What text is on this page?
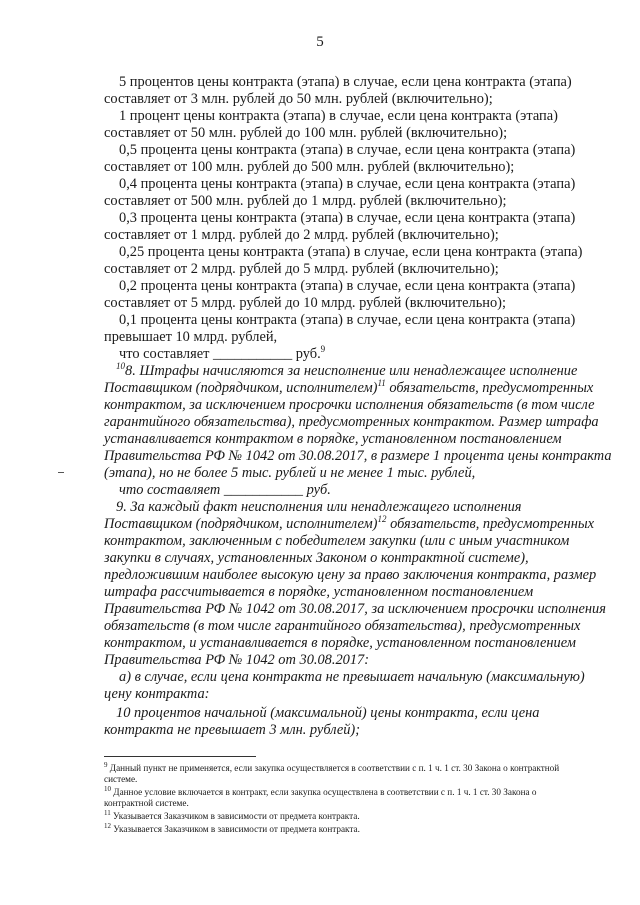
5
5 процентов цены контракта (этапа) в случае, если цена контракта (этапа)
составляет от 3 млн. рублей до 50 млн. рублей (включительно);
1 процент цены контракта (этапа) в случае, если цена контракта (этапа)
составляет от 50 млн. рублей до 100 млн. рублей (включительно);
0,5 процента цены контракта (этапа) в случае, если цена контракта (этапа)
составляет от 100 млн. рублей до 500 млн. рублей (включительно);
0,4 процента цены контракта (этапа) в случае, если цена контракта (этапа)
составляет от 500 млн. рублей до 1 млрд. рублей (включительно);
0,3 процента цены контракта (этапа) в случае, если цена контракта (этапа)
составляет от 1 млрд. рублей до 2 млрд. рублей (включительно);
0,25 процента цены контракта (этапа) в случае, если цена контракта (этапа)
составляет от 2 млрд. рублей до 5 млрд. рублей (включительно);
0,2 процента цены контракта (этапа) в случае, если цена контракта (этапа)
составляет от 5 млрд. рублей до 10 млрд. рублей (включительно);
0,1 процента цены контракта (этапа) в случае, если цена контракта (этапа)
превышает 10 млрд. рублей,
что составляет ___________ руб.$^9$
$^{10}$8. Штрафы начисляются за неисполнение или ненадлежащее исполнение
Поставщиком (подрядчиком, исполнителем)$^{11}$ обязательств, предусмотренных
контрактом, за исключением просрочки исполнения обязательств (в том числе
гарантийного обязательства), предусмотренных контрактом. Размер штрафа
устанавливается контрактом в порядке, установленном постановлением
Правительства РФ № 1042 от 30.08.2017, в размере 1 процента цены контракта
(этапа), но не более 5 тыс. рублей и не менее 1 тыс. рублей,
что составляет ___________ руб.
9. За каждый факт неисполнения или ненадлежащего исполнения
Поставщиком (подрядчиком, исполнителем)$^{12}$ обязательств, предусмотренных
контрактом, заключенным с победителем закупки (или с иным участником
закупки в случаях, установленных Законом о контрактной системе),
предложившим наиболее высокую цену за право заключения контракта, размер
штрафа рассчитывается в порядке, установленном постановлением
Правительства РФ № 1042 от 30.08.2017, за исключением просрочки исполнения
обязательств (в том числе гарантийного обязательства), предусмотренных
контрактом, и устанавливается в порядке, установленном постановлением
Правительства РФ № 1042 от 30.08.2017:
а) в случае, если цена контракта не превышает начальную (максимальную)
цену контракта:
10 процентов начальной (максимальной) цены контракта, если цена
контракта не превышает 3 млн. рублей);
$^9$ Данный пункт не применяется, если закупка осуществляется в соответствии с п. 1 ч. 1 ст. 30 Закона о контрактной
системе.
$^{10}$ Данное условие включается в контракт, если закупка осуществлена в соответствии с п. 1 ч. 1 ст. 30 Закона о
контрактной системе.
$^{11}$ Указывается Заказчиком в зависимости от предмета контракта.
$^{12}$ Указывается Заказчиком в зависимости от предмета контракта.
